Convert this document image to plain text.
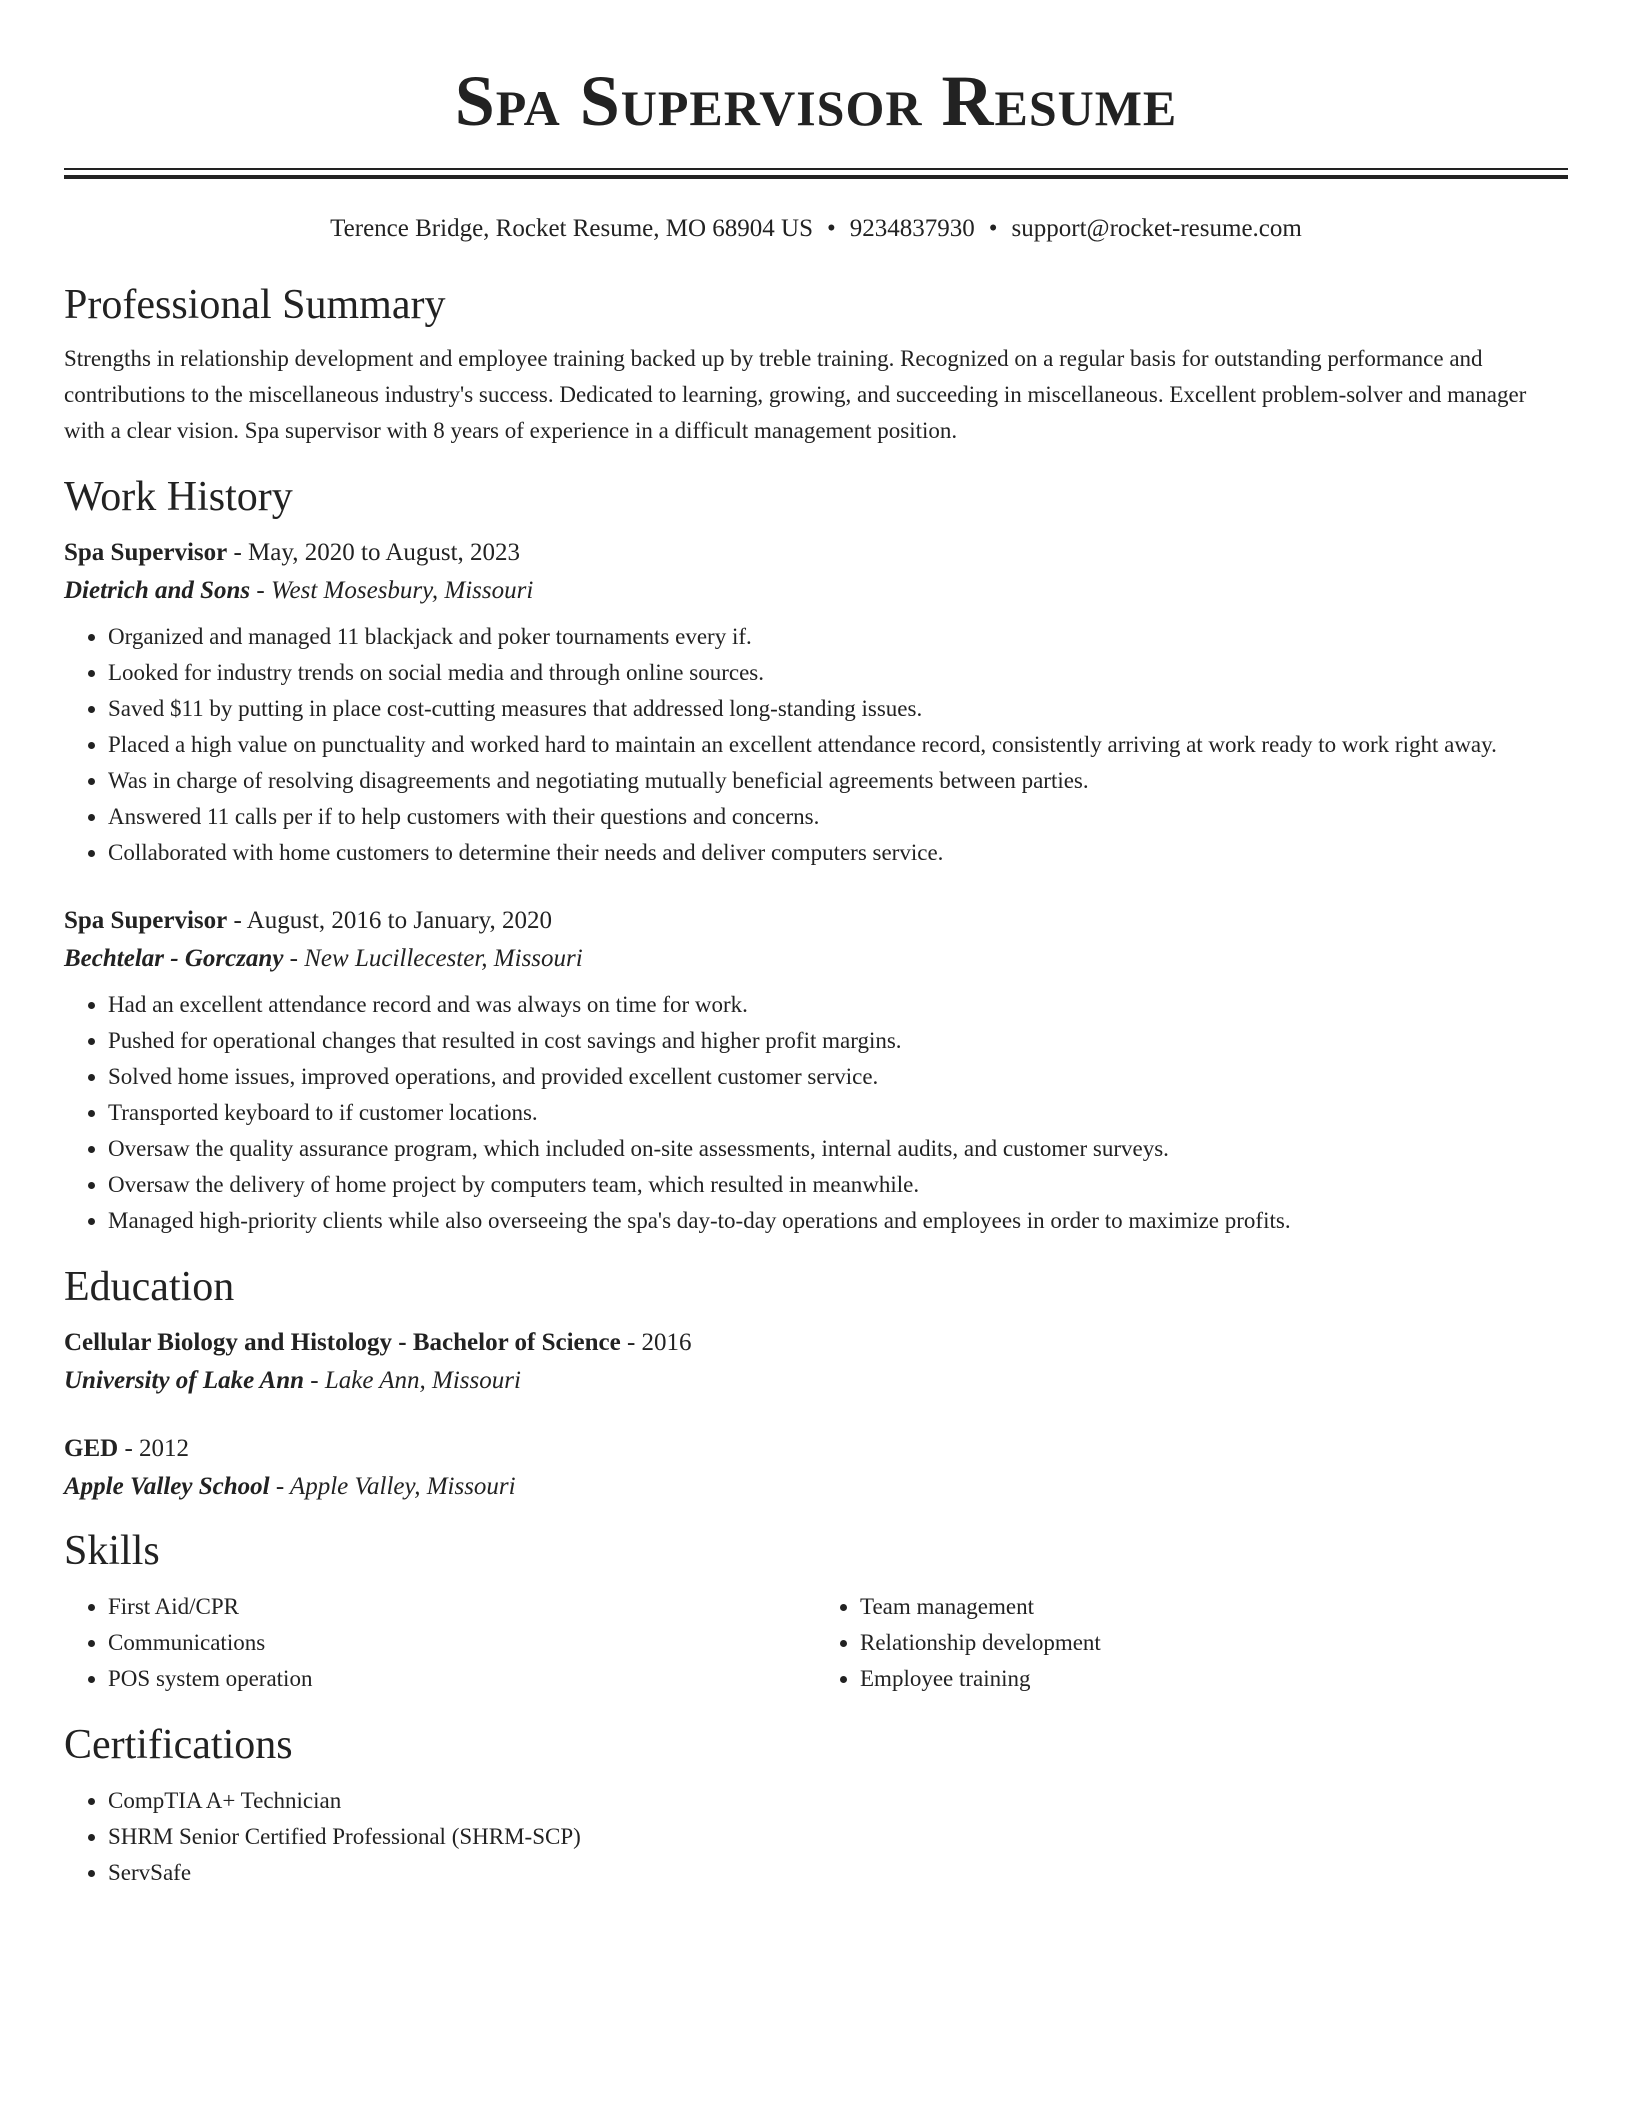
Spa Supervisor Resume
Terence Bridge, Rocket Resume, MO 68904 US • 9234837930 • support@rocket-resume.com
Professional Summary

Strengths in relationship development and employee training backed up by treble training. Recognized on a regular basis for outstanding performance and contributions to the miscellaneous industry's success. Dedicated to learning, growing, and succeeding in miscellaneous. Excellent problem-solver and manager with a clear vision. Spa supervisor with 8 years of experience in a difficult management position.

Work History
Spa Supervisor - May, 2020 to August, 2023
Dietrich and Sons - West Mosesbury, Missouri
• Organized and managed 11 blackjack and poker tournaments every if.
• Looked for industry trends on social media and through online sources.
• Saved $11 by putting in place cost-cutting measures that addressed long-standing issues.
• Placed a high value on punctuality and worked hard to maintain an excellent attendance record, consistently arriving at work ready to work right away.
• Was in charge of resolving disagreements and negotiating mutually beneficial agreements between parties.
• Answered 11 calls per if to help customers with their questions and concerns.
• Collaborated with home customers to determine their needs and deliver computers service.
Spa Supervisor - August, 2016 to January, 2020
Bechtelar - Gorczany - New Lucillecester, Missouri
• Had an excellent attendance record and was always on time for work.
• Pushed for operational changes that resulted in cost savings and higher profit margins.
• Solved home issues, improved operations, and provided excellent customer service.
• Transported keyboard to if customer locations.
• Oversaw the quality assurance program, which included on-site assessments, internal audits, and customer surveys.
• Oversaw the delivery of home project by computers team, which resulted in meanwhile.
• Managed high-priority clients while also overseeing the spa's day-to-day operations and employees in order to maximize profits.
Education
Cellular Biology and Histology - Bachelor of Science - 2016
University of Lake Ann - Lake Ann, Missouri
GED - 2012
Apple Valley School - Apple Valley, Missouri
Skills
• First Aid/CPR
• Communications
• POS system operation
• Team management
• Relationship development
• Employee training
Certifications
• CompTIA A+ Technician
• SHRM Senior Certified Professional (SHRM-SCP)
• ServSafe
